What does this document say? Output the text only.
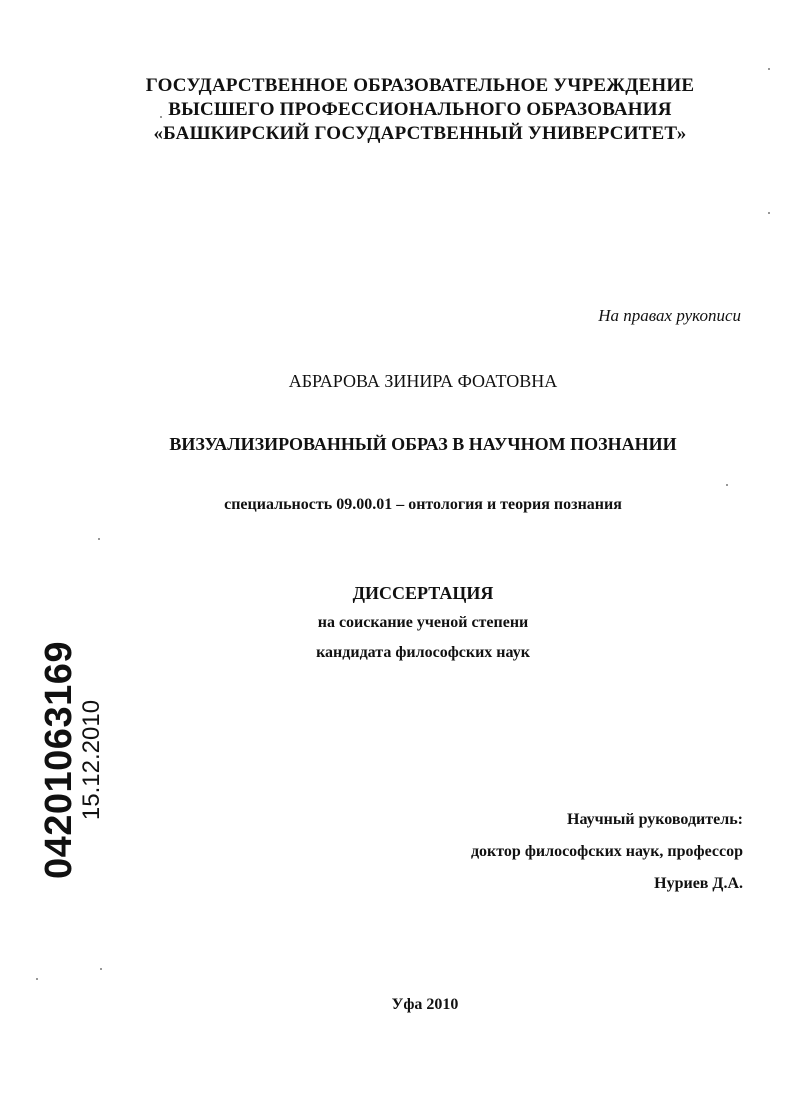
ГОСУДАРСТВЕННОЕ ОБРАЗОВАТЕЛЬНОЕ УЧРЕЖДЕНИЕ
ВЫСШЕГО ПРОФЕССИОНАЛЬНОГО ОБРАЗОВАНИЯ
«БАШКИРСКИЙ ГОСУДАРСТВЕННЫЙ УНИВЕРСИТЕТ»
На правах рукописи
АБРАРОВА ЗИНИРА ФОАТОВНА
ВИЗУАЛИЗИРОВАННЫЙ ОБРАЗ В НАУЧНОМ ПОЗНАНИИ
специальность 09.00.01 – онтология и теория познания
ДИССЕРТАЦИЯ
на соискание ученой степени
кандидата философских наук
Научный руководитель:
доктор философских наук, профессор
Нуриев Д.А.
Уфа 2010
04201063169
15.12.2010
